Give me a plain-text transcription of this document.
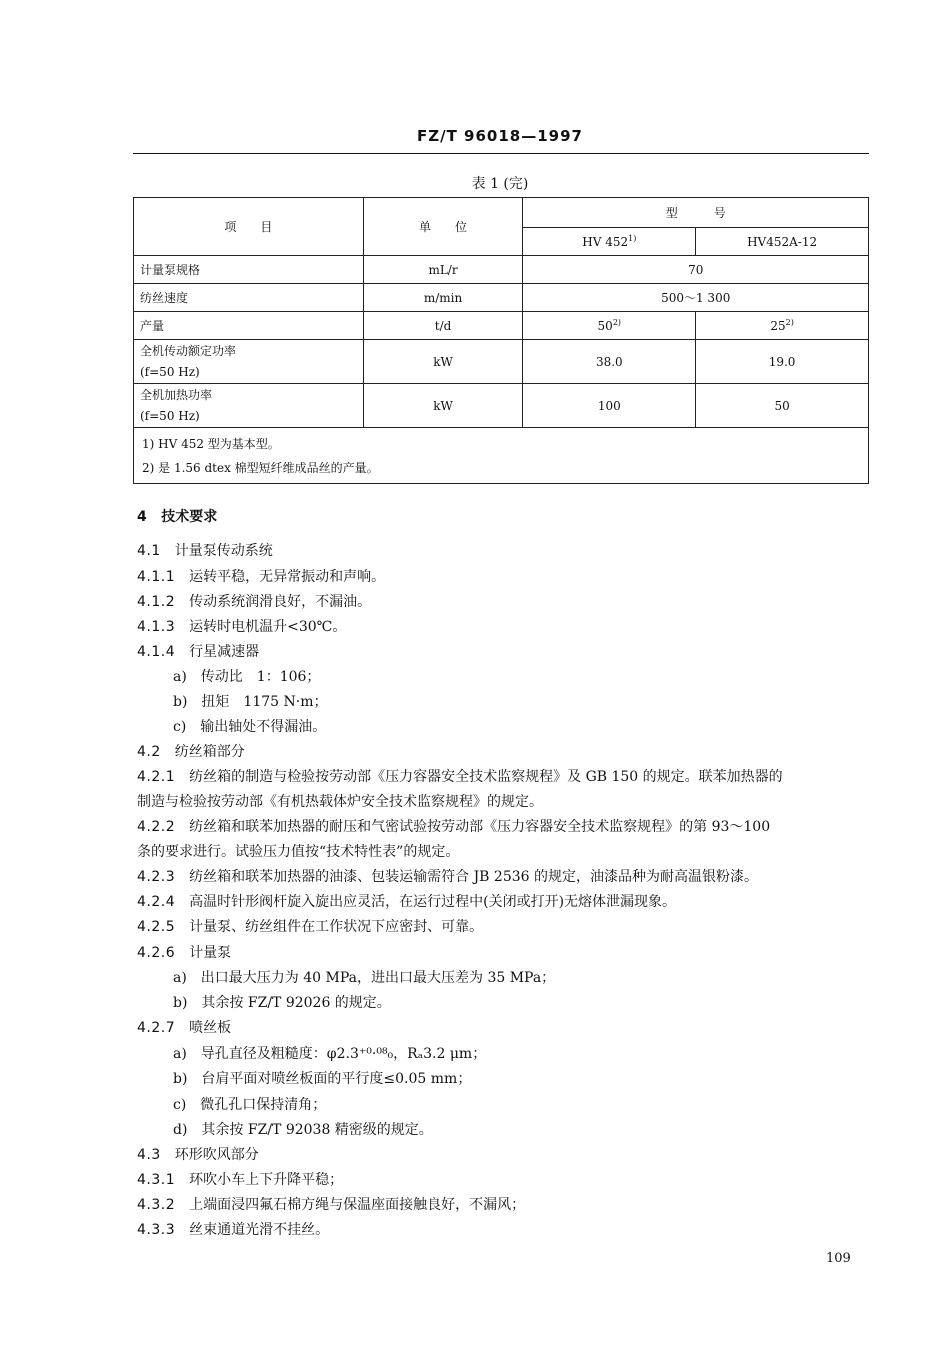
FZ/T 96018—1997
表 1 (完)
项　　目	单　　位	型　　　号	
		HV 452$^{1)}$	HV452A-12
计量泵规格	mL/r	70	
纺丝速度	m/min	500～1 300	
产量	t/d	50$^{2)}$	25$^{2)}$

全机传动额定功率
(f=50 Hz)	kW	38.0	19.0

全机加热功率
(f=50 Hz)	kW	100	50

1) HV 452 型为基本型。
2) 是 1.56 dtex 棉型短纤维成品丝的产量。			
4　 技术要求
4.1　 计量泵传动系统
4.1.1　 运转平稳，无异常振动和声响。
4.1.2　 传动系统润滑良好，不漏油。
4.1.3　 运转时电机温升<30℃。
4.1.4　 行星减速器
a)　传动比　1：106；
b)　扭矩　1175 N·m；
c)　输出轴处不得漏油。
4.2　 纺丝箱部分
4.2.1　 纺丝箱的制造与检验按劳动部《压力容器安全技术监察规程》及 GB 150 的规定。联苯加热器的
制造与检验按劳动部《有机热载体炉安全技术监察规程》的规定。
4.2.2　 纺丝箱和联苯加热器的耐压和气密试验按劳动部《压力容器安全技术监察规程》的第 93～100
条的要求进行。试验压力值按“技术特性表”的规定。
4.2.3　 纺丝箱和联苯加热器的油漆、包装运输需符合 JB 2536 的规定，油漆品种为耐高温银粉漆。
4.2.4　 高温时针形阀杆旋入旋出应灵活，在运行过程中(关闭或打开)无熔体泄漏现象。
4.2.5　 计量泵、纺丝组件在工作状况下应密封、可靠。
4.2.6　 计量泵
a)　出口最大压力为 40 MPa，进出口最大压差为 35 MPa；
b)　其余按 FZ/T 92026 的规定。
4.2.7　 喷丝板
a)　导孔直径及粗糙度：φ2.3⁺⁰·⁰⁸₀，Rₐ3.2 μm；
b)　台肩平面对喷丝板面的平行度≤0.05 mm；
c)　微孔孔口保持清角；
d)　其余按 FZ/T 92038 精密级的规定。
4.3　 环形吹风部分
4.3.1　 环吹小车上下升降平稳；
4.3.2　 上端面浸四氟石棉方绳与保温座面接触良好，不漏风；
4.3.3　 丝束通道光滑不挂丝。
109
